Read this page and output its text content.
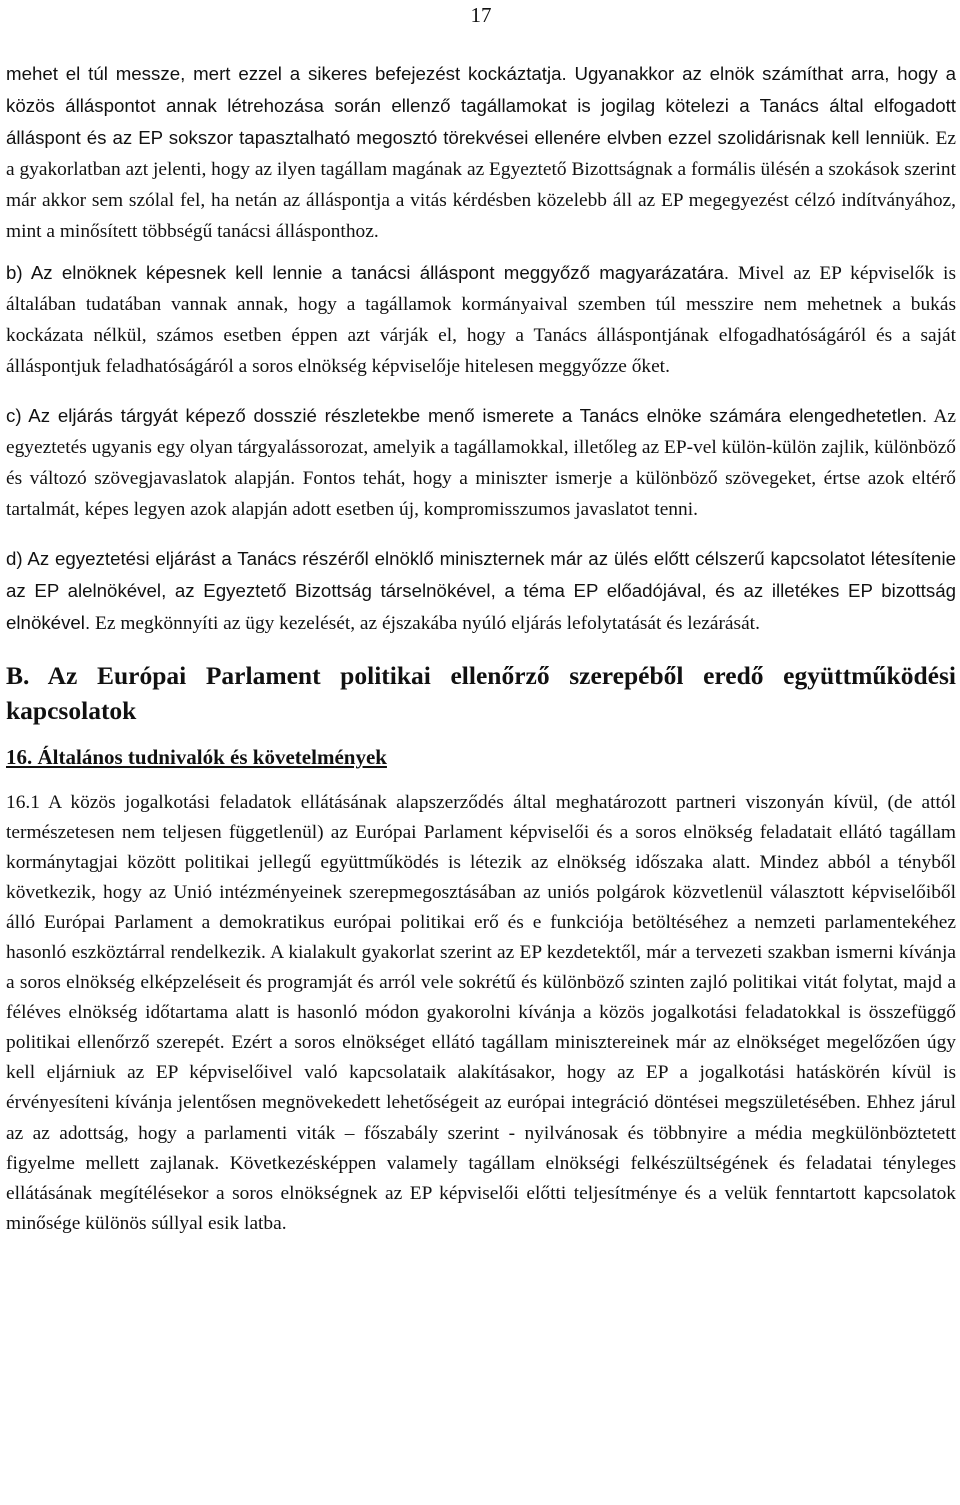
17

mehet el túl messze, mert ezzel a sikeres befejezést kockáztatja. Ugyanakkor az elnök számíthat arra, hogy a közös álláspontot annak létrehozása során ellenző tagállamokat is jogilag kötelezi a Tanács által elfogadott álláspont és az EP sokszor tapasztalható megosztó törekvései ellenére elvben ezzel szolidárisnak kell lenniük. Ez a gyakorlatban azt jelenti, hogy az ilyen tagállam magának az Egyeztető Bizottságnak a formális ülésén a szokások szerint már akkor sem szólal fel, ha netán az álláspontja a vitás kérdésben közelebb áll az EP megegyezést célzó indítványához, mint a minősített többségű tanácsi állásponthoz.

b) Az elnöknek képesnek kell lennie a tanácsi álláspont meggyőző magyarázatára. Mivel az EP képviselők is általában tudatában vannak annak, hogy a tagállamok kormányaival szemben túl messzire nem mehetnek a bukás kockázata nélkül, számos esetben éppen azt várják el, hogy a Tanács álláspontjának elfogadhatóságáról és a saját álláspontjuk feladhatóságáról a soros elnökség képviselője hitelesen meggyőzze őket.

c) Az eljárás tárgyát képező dosszié részletekbe menő ismerete a Tanács elnöke számára elengedhetetlen. Az egyeztetés ugyanis egy olyan tárgyalássorozat, amelyik a tagállamokkal, illetőleg az EP-vel külön-külön zajlik, különböző és változó szövegjavaslatok alapján. Fontos tehát, hogy a miniszter ismerje a különböző szövegeket, értse azok eltérő tartalmát, képes legyen azok alapján adott esetben új, kompromisszumos javaslatot tenni.

d) Az egyeztetési eljárást a Tanács részéről elnöklő miniszternek már az ülés előtt célszerű kapcsolatot létesítenie az EP alelnökével, az Egyeztető Bizottság társelnökével, a téma EP előadójával, és az illetékes EP bizottság elnökével. Ez megkönnyíti az ügy kezelését, az éjszakába nyúló eljárás lefolytatását és lezárását.

B. Az Európai Parlament politikai ellenőrző szerepéből eredő együttműködési kapcsolatok
16. Általános tudnivalók és követelmények

16.1 A közös jogalkotási feladatok ellátásának alapszerződés által meghatározott partneri viszonyán kívül, (de attól természetesen nem teljesen függetlenül) az Európai Parlament képviselői és a soros elnökség feladatait ellátó tagállam kormánytagjai között politikai jellegű együttműködés is létezik az elnökség időszaka alatt. Mindez abból a tényből következik, hogy az Unió intézményeinek szerepmegosztásában az uniós polgárok közvetlenül választott képviselőiből álló Európai Parlament a demokratikus európai politikai erő és e funkciója betöltéséhez a nemzeti parlamentekéhez hasonló eszköztárral rendelkezik. A kialakult gyakorlat szerint az EP kezdetektől, már a tervezeti szakban ismerni kívánja a soros elnökség elképzeléseit és programját és arról vele sokrétű és különböző szinten zajló politikai vitát folytat, majd a féléves elnökség időtartama alatt is hasonló módon gyakorolni kívánja a közös jogalkotási feladatokkal is összefüggő politikai ellenőrző szerepét. Ezért a soros elnökséget ellátó tagállam minisztereinek már az elnökséget megelőzően úgy kell eljárniuk az EP képviselőivel való kapcsolataik alakításakor, hogy az EP a jogalkotási hatáskörén kívül is érvényesíteni kívánja jelentősen megnövekedett lehetőségeit az európai integráció döntései megszületésében. Ehhez járul az az adottság, hogy a parlamenti viták – főszabály szerint - nyilvánosak és többnyire a média megkülönböztetett figyelme mellett zajlanak. Következésképpen valamely tagállam elnökségi felkészültségének és feladatai tényleges ellátásának megítélésekor a soros elnökségnek az EP képviselői előtti teljesítménye és a velük fenntartott kapcsolatok minősége különös súllyal esik latba.
